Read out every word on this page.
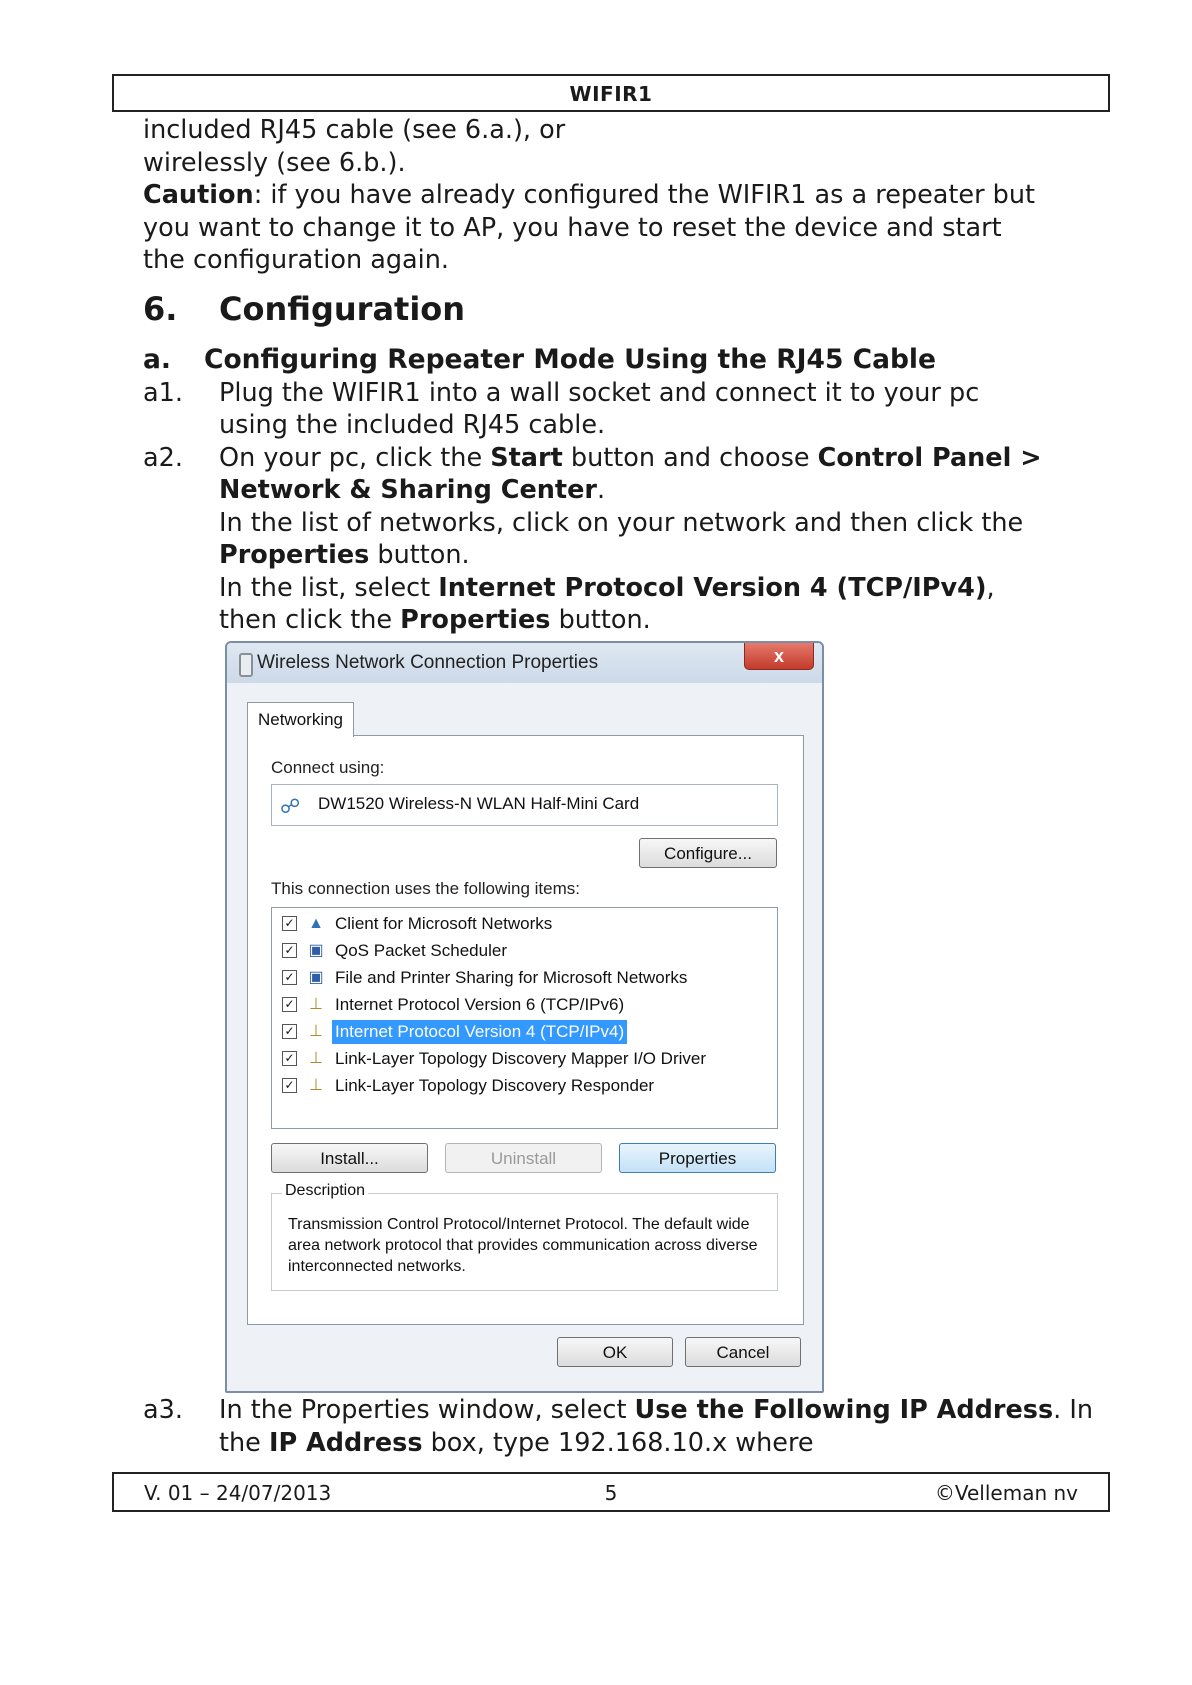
WIFIR1

included RJ45 cable (see 6.a.), or

wirelessly (see 6.b.).

Caution: if you have already configured the WIFIR1 as a repeater but you want to change it to AP, you have to reset the device and start the configuration again.

6. Configuration
a. Configuring Repeater Mode Using the RJ45 Cable
a1. Plug the WIFIR1 into a wall socket and connect it to your pc using the included RJ45 cable.
a2. On your pc, click the Start button and choose Control Panel > Network & Sharing Center.

In the list of networks, click on your network and then click the Properties button.

In the list, select Internet Protocol Version 4 (TCP/IPv4),

then click the Properties button.

Wireless Network Connection Properties	x
Networking
Connect using:
☍ DW1520 Wireless-N WLAN Half-Mini Card
Configure...
This connection uses the following items:
✓ ▲ Client for Microsoft Networks
✓ ▣ QoS Packet Scheduler
✓ ▣ File and Printer Sharing for Microsoft Networks
✓ ⊥ Internet Protocol Version 6 (TCP/IPv6)
✓ ⊥ Internet Protocol Version 4 (TCP/IPv4)
✓ ⊥ Link-Layer Topology Discovery Mapper I/O Driver
✓ ⊥ Link-Layer Topology Discovery Responder
Install...	Uninstall	Properties
Description
Transmission Control Protocol/Internet Protocol. The default wide area network protocol that provides communication across diverse interconnected networks.
OK	Cancel
a3. In the Properties window, select Use the Following IP Address. In the IP Address box, type 192.168.10.x where
V. 01 – 24/07/2013	5	©Velleman nv
